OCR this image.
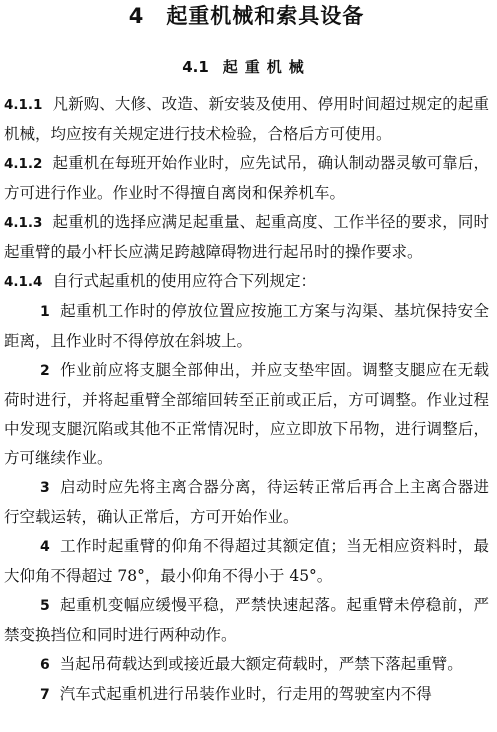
4 起重机械和索具设备
4.1 起重机械

4.1.1 凡新购、大修、改造、新安装及使用、停用时间超过规定的起重机械，均应按有关规定进行技术检验，合格后方可使用。

4.1.2 起重机在每班开始作业时，应先试吊，确认制动器灵敏可靠后，方可进行作业。作业时不得擅自离岗和保养机车。

4.1.3 起重机的选择应满足起重量、起重高度、工作半径的要求，同时起重臂的最小杆长应满足跨越障碍物进行起吊时的操作要求。

4.1.4 自行式起重机的使用应符合下列规定：

1 起重机工作时的停放位置应按施工方案与沟渠、基坑保持安全距离，且作业时不得停放在斜坡上。

2 作业前应将支腿全部伸出，并应支垫牢固。调整支腿应在无载荷时进行，并将起重臂全部缩回转至正前或正后，方可调整。作业过程中发现支腿沉陷或其他不正常情况时，应立即放下吊物，进行调整后，方可继续作业。

3 启动时应先将主离合器分离，待运转正常后再合上主离合器进行空载运转，确认正常后，方可开始作业。

4 工作时起重臂的仰角不得超过其额定值；当无相应资料时，最大仰角不得超过 78°，最小仰角不得小于 45°。

5 起重机变幅应缓慢平稳，严禁快速起落。起重臂未停稳前，严禁变换挡位和同时进行两种动作。

6 当起吊荷载达到或接近最大额定荷载时，严禁下落起重臂。

7 汽车式起重机进行吊装作业时，行走用的驾驶室内不得
